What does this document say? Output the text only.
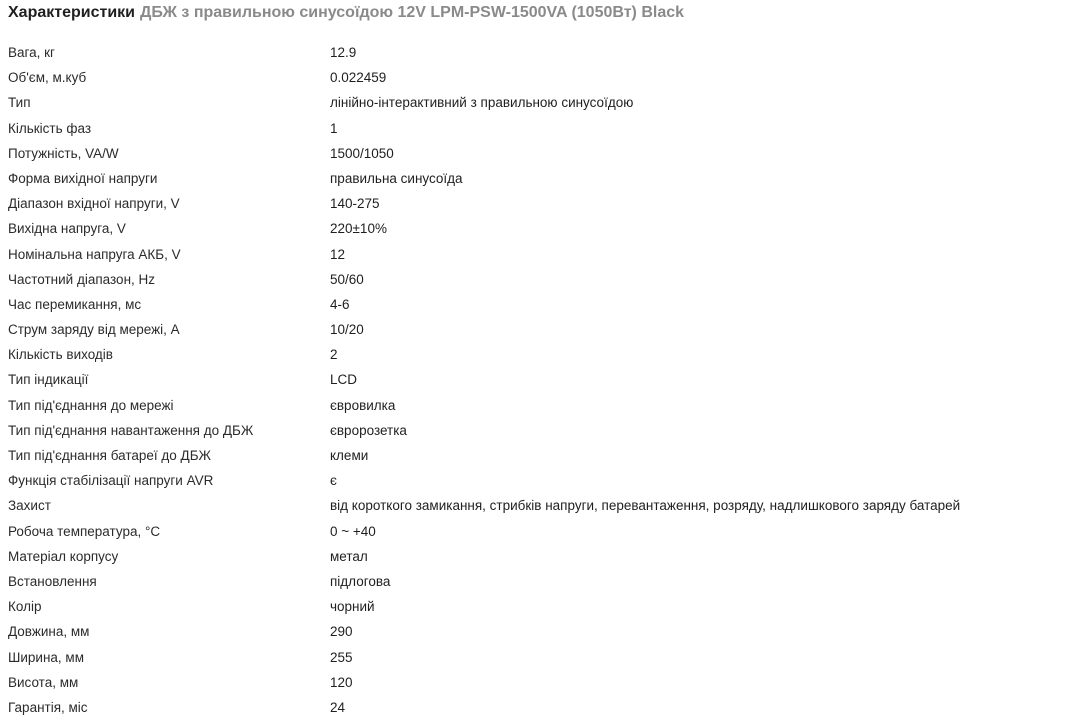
Характеристики ДБЖ з правильною синусоїдою 12V LPM-PSW-1500VA (1050Вт) Black
Вага, кг	12.9
Об'єм, м.куб	0.022459
Тип	лінійно-інтерактивний з правильною синусоїдою
Кількість фаз	1
Потужність, VA/W	1500/1050
Форма вихідної напруги	правильна синусоїда
Діапазон вхідної напруги, V	140-275
Вихідна напруга, V	220±10%
Номінальна напруга АКБ, V	12
Частотний діапазон, Hz	50/60
Час перемикання, мс	4-6
Струм заряду від мережі, А	10/20
Кількість виходів	2
Тип індикації	LCD
Тип під'єднання до мережі	євровилка
Тип під'єднання навантаження до ДБЖ	євророзетка
Тип під'єднання батареї до ДБЖ	клеми
Функція стабілізації напруги AVR	є
Захист	від короткого замикання, стрибків напруги, перевантаження, розряду, надлишкового заряду батарей
Робоча температура, °С	0 ~ +40
Матеріал корпусу	метал
Встановлення	підлогова
Колір	чорний
Довжина, мм	290
Ширина, мм	255
Висота, мм	120
Гарантія, міс	24
